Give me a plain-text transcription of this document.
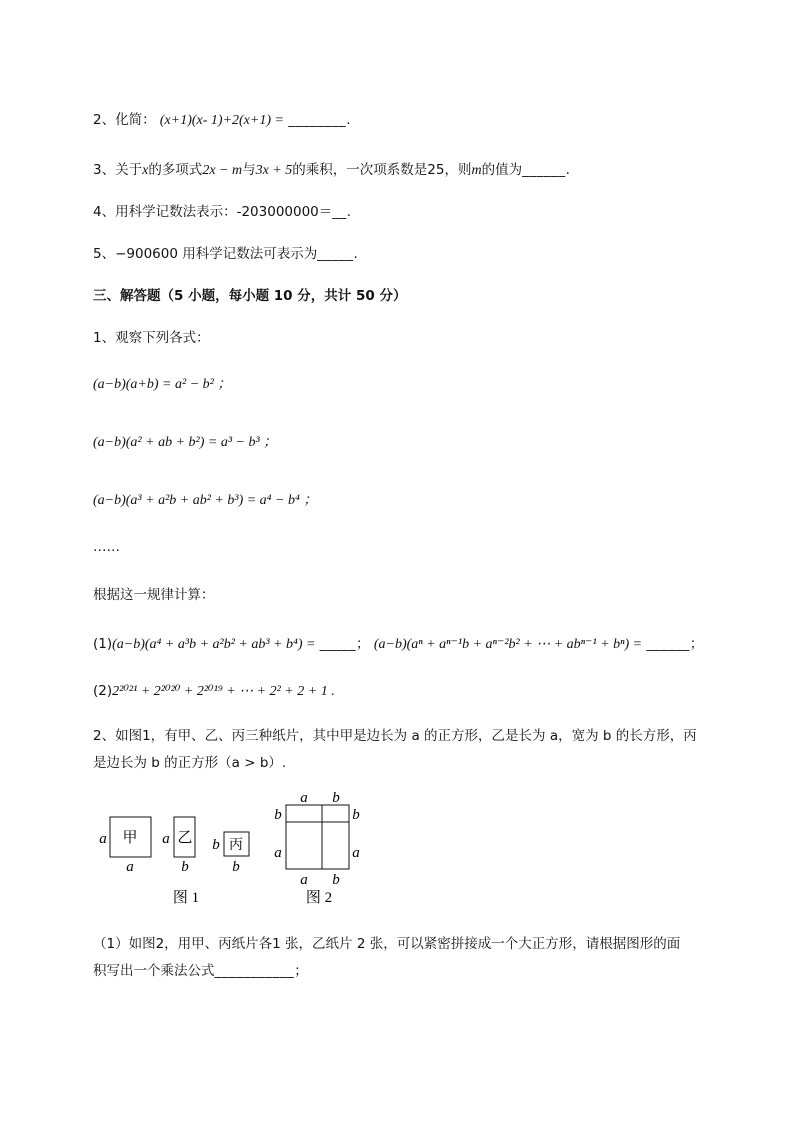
2、化简： (x+1)(x- 1)+2(x+1) = ________.
3、关于x的多项式2x − m与3x + 5的乘积，一次项系数是25，则m的值为______.
4、用科学记数法表示：-203000000＝__.
5、−900600 用科学记数法可表示为_____.
三、解答题（5 小题，每小题 10 分，共计 50 分）
1、观察下列各式：
(a−b)(a+b) = a² − b² ；
(a−b)(a² + ab + b²) = a³ − b³ ；
(a−b)(a³ + a²b + ab² + b³) = a⁴ − b⁴ ；
……
根据这一规律计算：
(1)(a−b)(a⁴ + a³b + a²b² + ab³ + b⁴) = _____； (a−b)(aⁿ + aⁿ⁻¹b + aⁿ⁻²b² + ⋯ + abⁿ⁻¹ + bⁿ) = ______；
(2)2²⁰²¹ + 2²⁰²⁰ + 2²⁰¹⁹ + ⋯ + 2² + 2 + 1 .
2、如图1，有甲、乙、丙三种纸片，其中甲是边长为 a 的正方形，乙是长为 a，宽为 b 的长方形，丙
是边长为 b 的正方形（a > b）.
甲
a
a
乙
a
b
丙
b
b
图 1
a b
b
a
b
a
a b
图 2
（1）如图2，用甲、丙纸片各1 张，乙纸片 2 张，可以紧密拼接成一个大正方形，请根据图形的面
积写出一个乘法公式___________；
